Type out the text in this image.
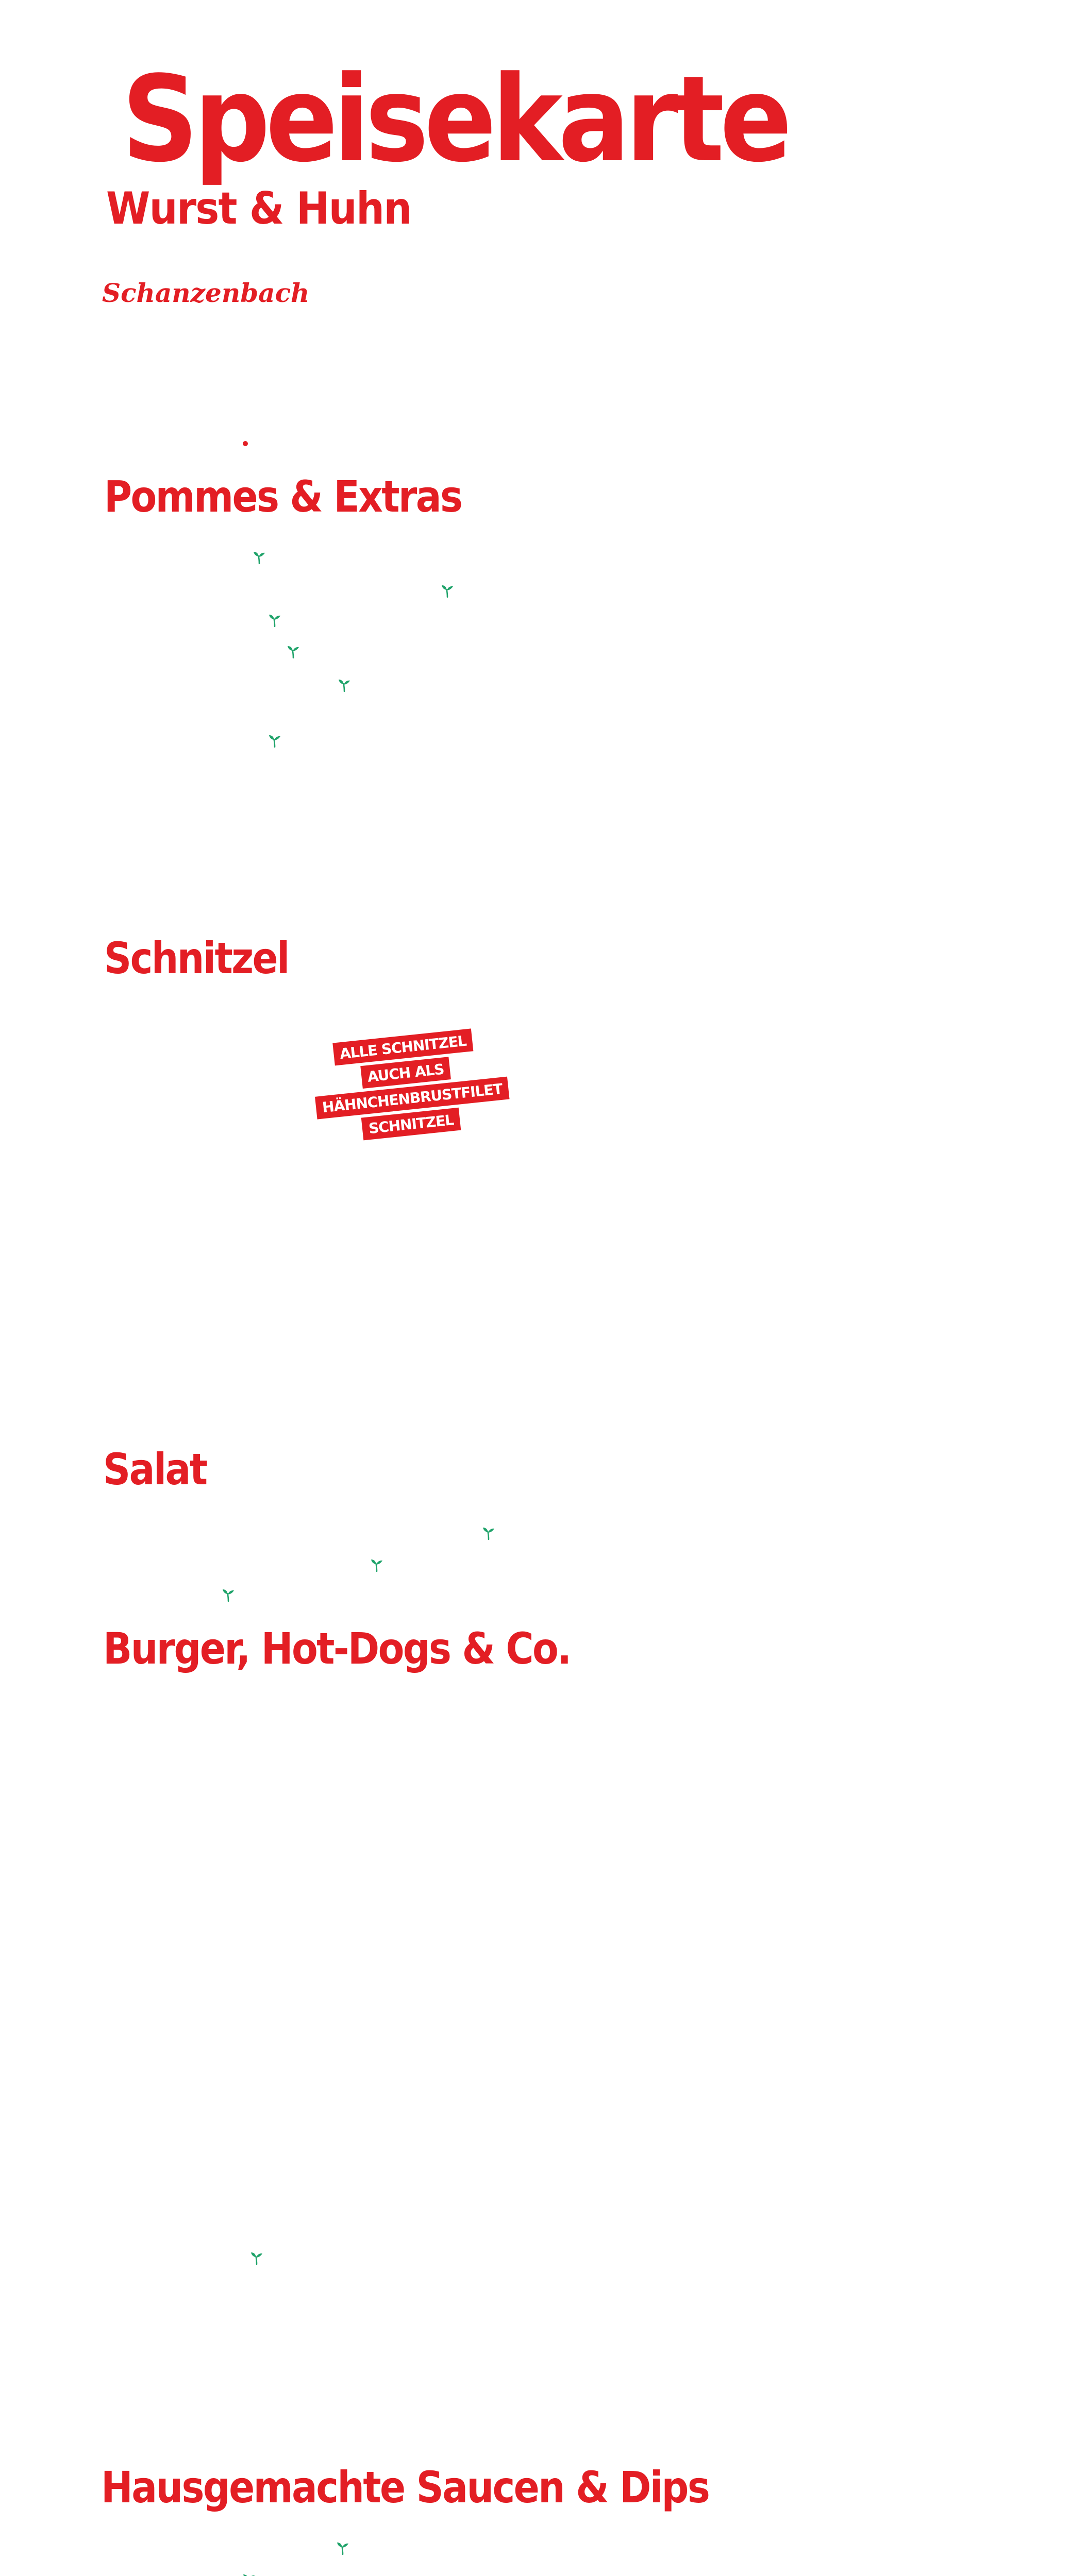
Speisekarte
Wurst & Huhn
Schanzenbach
Pommes & Extras
Schnitzel
ALLE SCHNITZEL
AUCH ALS
HÄHNCHENBRUSTFILET
SCHNITZEL
Salat
Burger, Hot-Dogs & Co.
Hausgemachte Saucen & Dips
